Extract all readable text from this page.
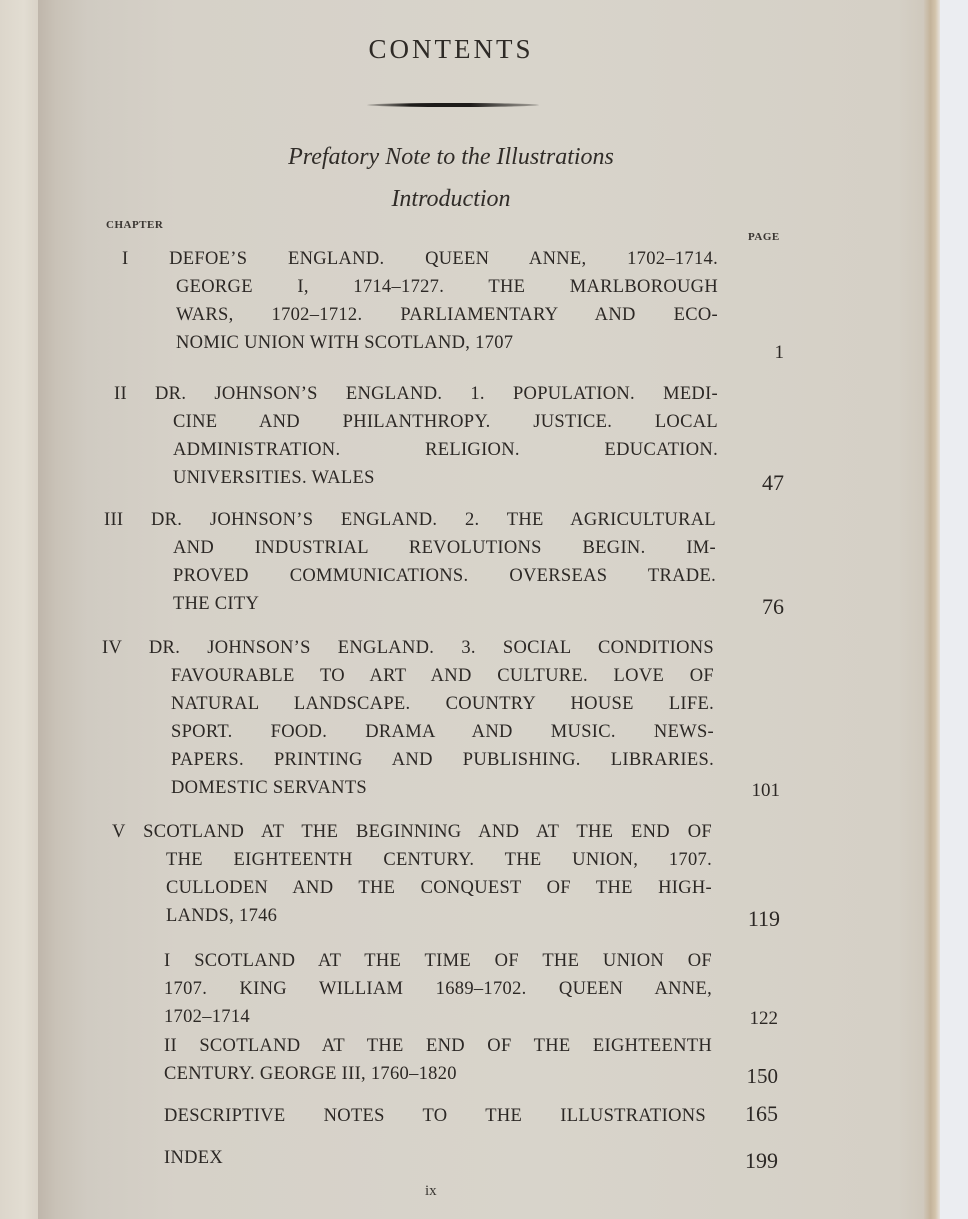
CONTENTS
Prefatory Note to the Illustrations
Introduction
CHAPTER
PAGE
I DEFOE’S ENGLAND. QUEEN ANNE, 1702–1714.
GEORGE I, 1714–1727. THE MARLBOROUGH
WARS, 1702–1712. PARLIAMENTARY AND ECO-
NOMIC UNION WITH SCOTLAND, 1707	1
II DR. JOHNSON’S ENGLAND. 1. POPULATION. MEDI-
CINE AND PHILANTHROPY. JUSTICE. LOCAL
ADMINISTRATION. RELIGION. EDUCATION.
UNIVERSITIES. WALES	47
III DR. JOHNSON’S ENGLAND. 2. THE AGRICULTURAL
AND INDUSTRIAL REVOLUTIONS BEGIN. IM-
PROVED COMMUNICATIONS. OVERSEAS TRADE.
THE CITY	76
IV DR. JOHNSON’S ENGLAND. 3. SOCIAL CONDITIONS
FAVOURABLE TO ART AND CULTURE. LOVE OF
NATURAL LANDSCAPE. COUNTRY HOUSE LIFE.
SPORT. FOOD. DRAMA AND MUSIC. NEWS-
PAPERS. PRINTING AND PUBLISHING. LIBRARIES.
DOMESTIC SERVANTS	101
V SCOTLAND AT THE BEGINNING AND AT THE END OF
THE EIGHTEENTH CENTURY. THE UNION, 1707.
CULLODEN AND THE CONQUEST OF THE HIGH-
LANDS, 1746	119
I SCOTLAND AT THE TIME OF THE UNION OF
1707. KING WILLIAM 1689–1702. QUEEN ANNE,
1702–1714	122
II SCOTLAND AT THE END OF THE EIGHTEENTH
CENTURY. GEORGE III, 1760–1820	150
DESCRIPTIVE NOTES TO THE ILLUSTRATIONS	165
INDEX	199
ix
